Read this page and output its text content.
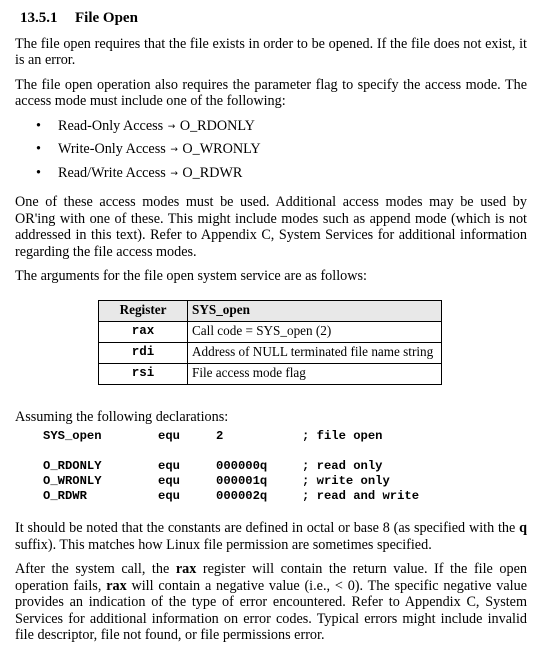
13.5.1 File Open

The file open requires that the file exists in order to be opened. If the file does not exist, it is an error.

The file open operation also requires the parameter flag to specify the access mode. The access mode must include one of the following:

• Read-Only Access → O_RDONLY
• Write-Only Access → O_WRONLY
• Read/Write Access → O_RDWR

One of these access modes must be used. Additional access modes may be used by OR'ing with one of these. This might include modes such as append mode (which is not addressed in this text). Refer to Appendix C, System Services for additional information regarding the file access modes.

The arguments for the file open system service are as follows:

Register	SYS_open
rax	Call code = SYS_open (2)
rdi	Address of NULL terminated file name string
rsi	File access mode flag

Assuming the following declarations:

SYS_open	equ	2	; file open
O_RDONLY	equ	000000q	; read only
O_WRONLY	equ	000001q	; write only
O_RDWR	equ	000002q	; read and write

It should be noted that the constants are defined in octal or base 8 (as specified with the q suffix). This matches how Linux file permission are sometimes specified.

After the system call, the rax register will contain the return value. If the file open operation fails, rax will contain a negative value (i.e., < 0). The specific negative value provides an indication of the type of error encountered. Refer to Appendix C, System Services for additional information on error codes. Typical errors might include invalid file descriptor, file not found, or file permissions error.
